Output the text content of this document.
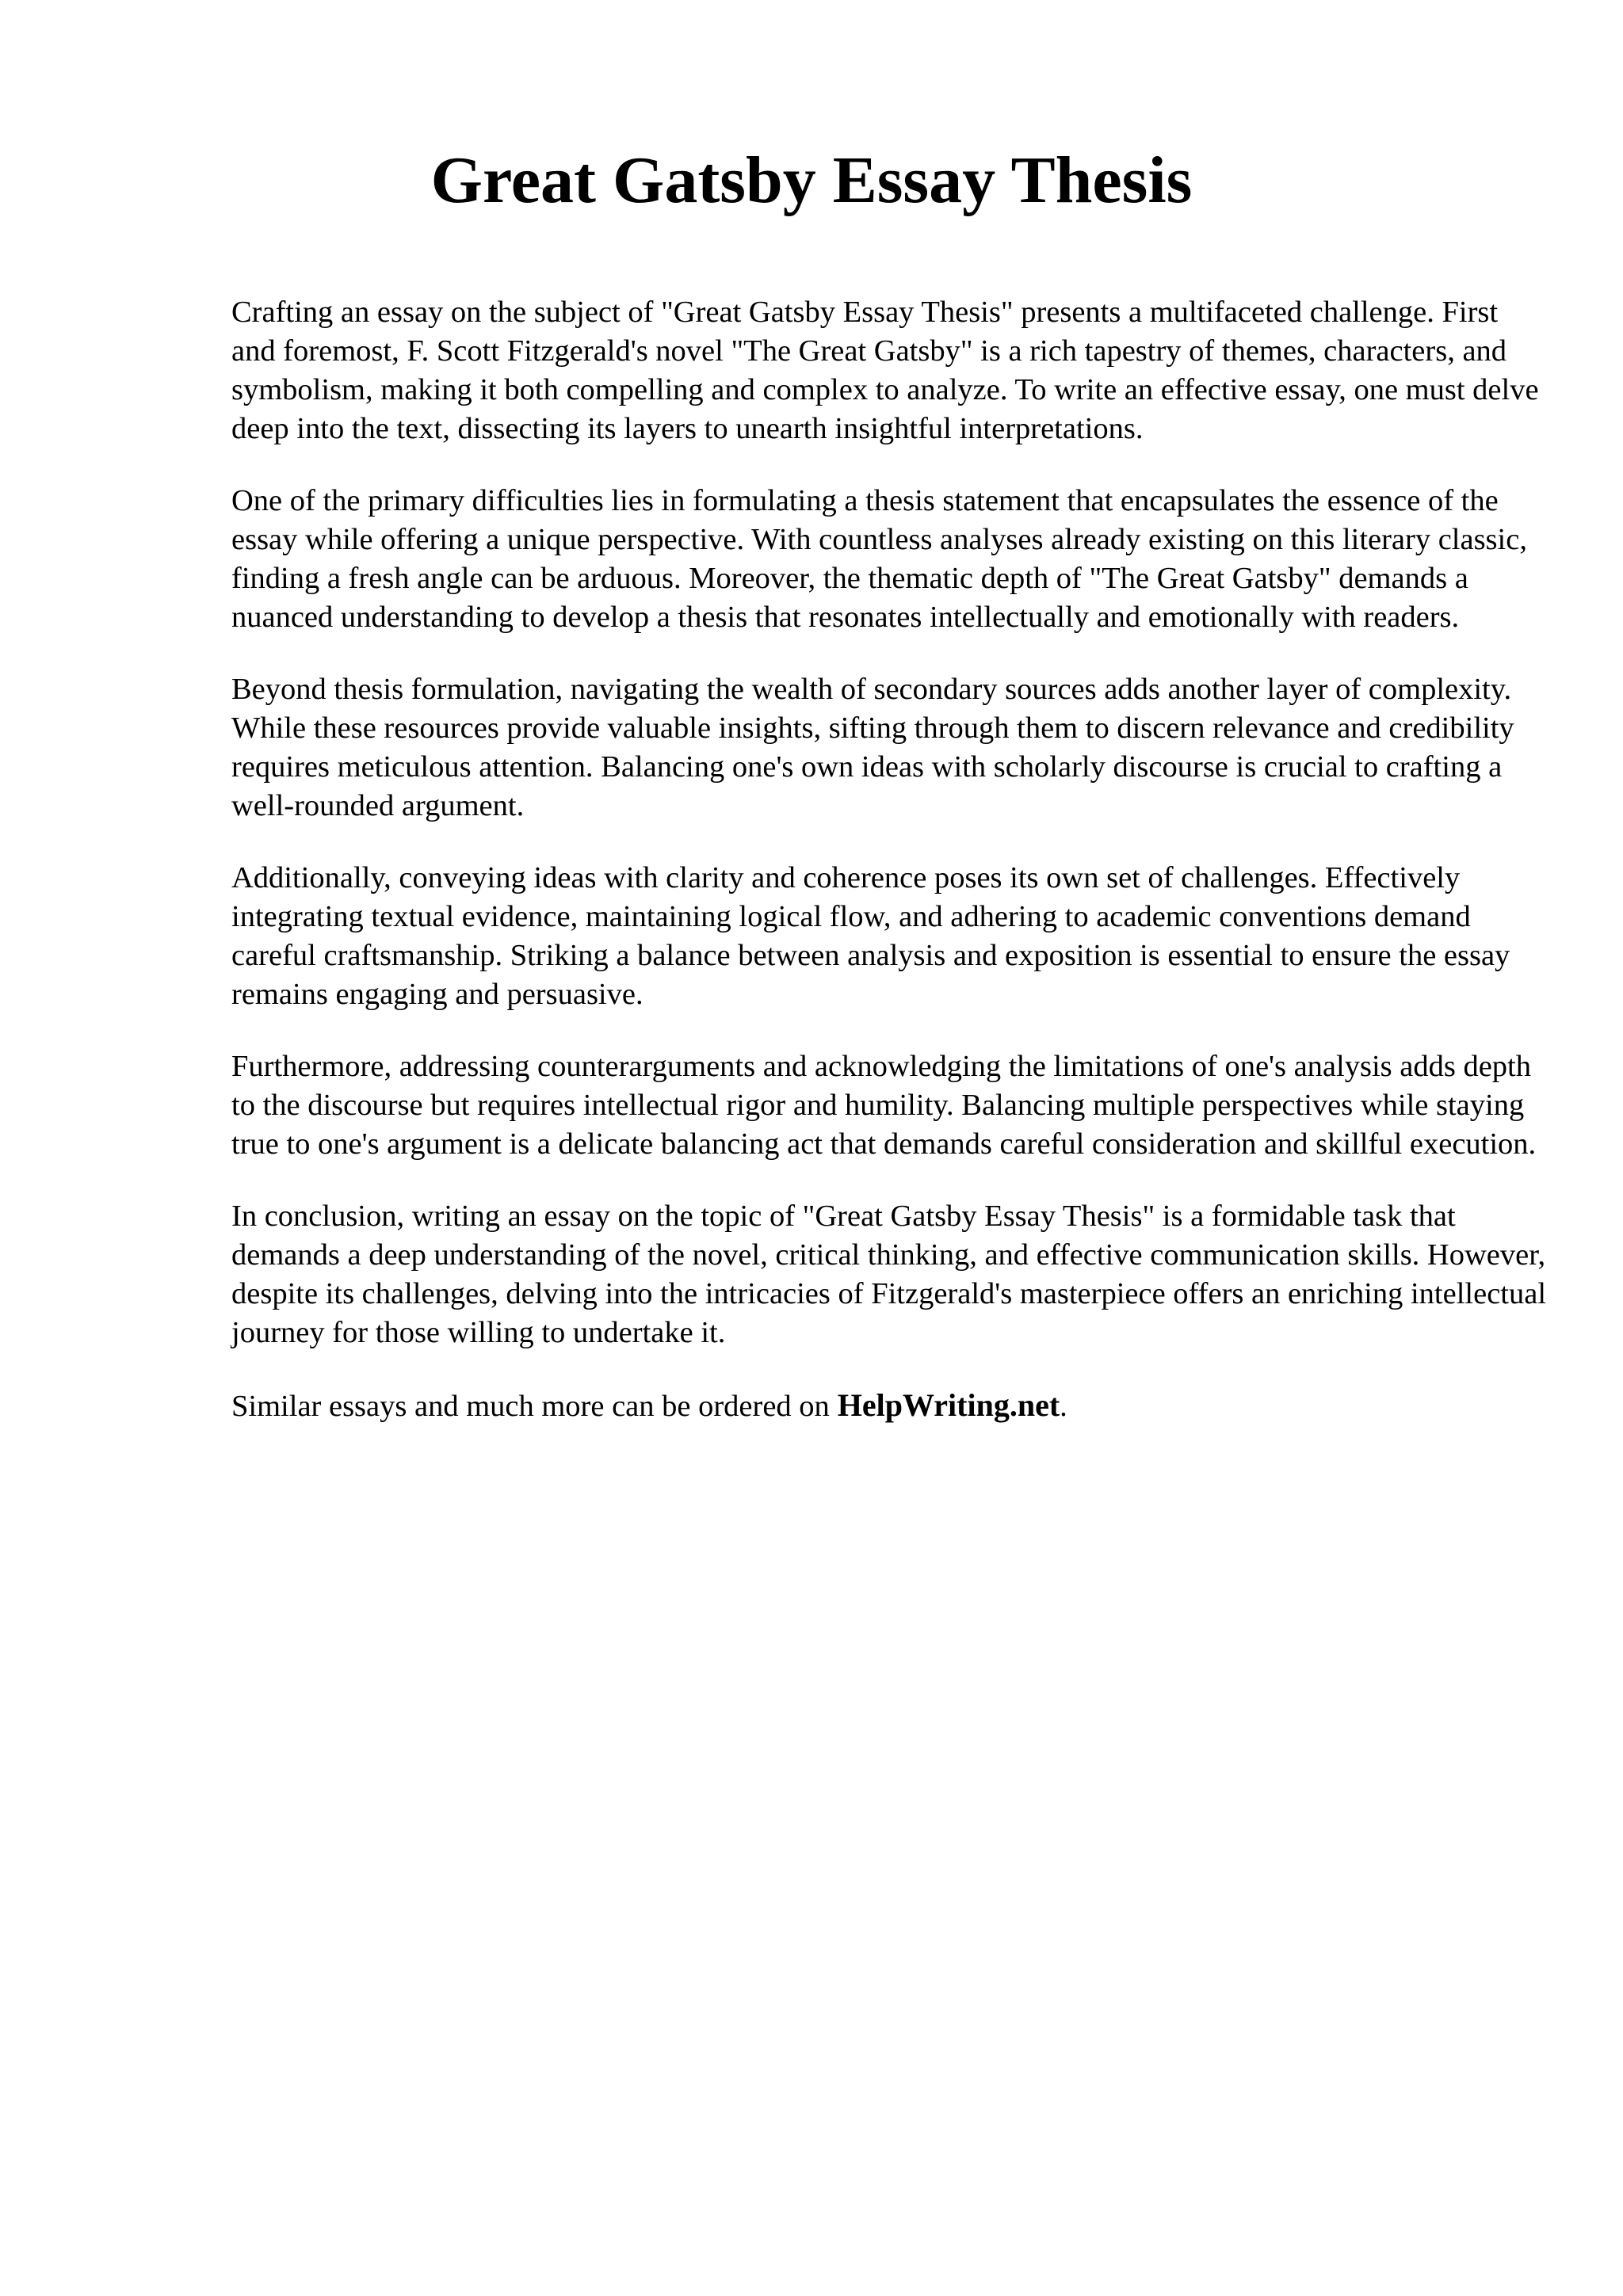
Great Gatsby Essay Thesis

Crafting an essay on the subject of "Great Gatsby Essay Thesis" presents a multifaceted challenge. First and foremost, F. Scott Fitzgerald's novel "The Great Gatsby" is a rich tapestry of themes, characters, and symbolism, making it both compelling and complex to analyze. To write an effective essay, one must delve deep into the text, dissecting its layers to unearth insightful interpretations.

One of the primary difficulties lies in formulating a thesis statement that encapsulates the essence of the essay while offering a unique perspective. With countless analyses already existing on this literary classic, finding a fresh angle can be arduous. Moreover, the thematic depth of "The Great Gatsby" demands a nuanced understanding to develop a thesis that resonates intellectually and emotionally with readers.

Beyond thesis formulation, navigating the wealth of secondary sources adds another layer of complexity. While these resources provide valuable insights, sifting through them to discern relevance and credibility requires meticulous attention. Balancing one's own ideas with scholarly discourse is crucial to crafting a well-rounded argument.

Additionally, conveying ideas with clarity and coherence poses its own set of challenges. Effectively integrating textual evidence, maintaining logical flow, and adhering to academic conventions demand careful craftsmanship. Striking a balance between analysis and exposition is essential to ensure the essay remains engaging and persuasive.

Furthermore, addressing counterarguments and acknowledging the limitations of one's analysis adds depth to the discourse but requires intellectual rigor and humility. Balancing multiple perspectives while staying true to one's argument is a delicate balancing act that demands careful consideration and skillful execution.

In conclusion, writing an essay on the topic of "Great Gatsby Essay Thesis" is a formidable task that demands a deep understanding of the novel, critical thinking, and effective communication skills. However, despite its challenges, delving into the intricacies of Fitzgerald's masterpiece offers an enriching intellectual journey for those willing to undertake it.

Similar essays and much more can be ordered on HelpWriting.net.
